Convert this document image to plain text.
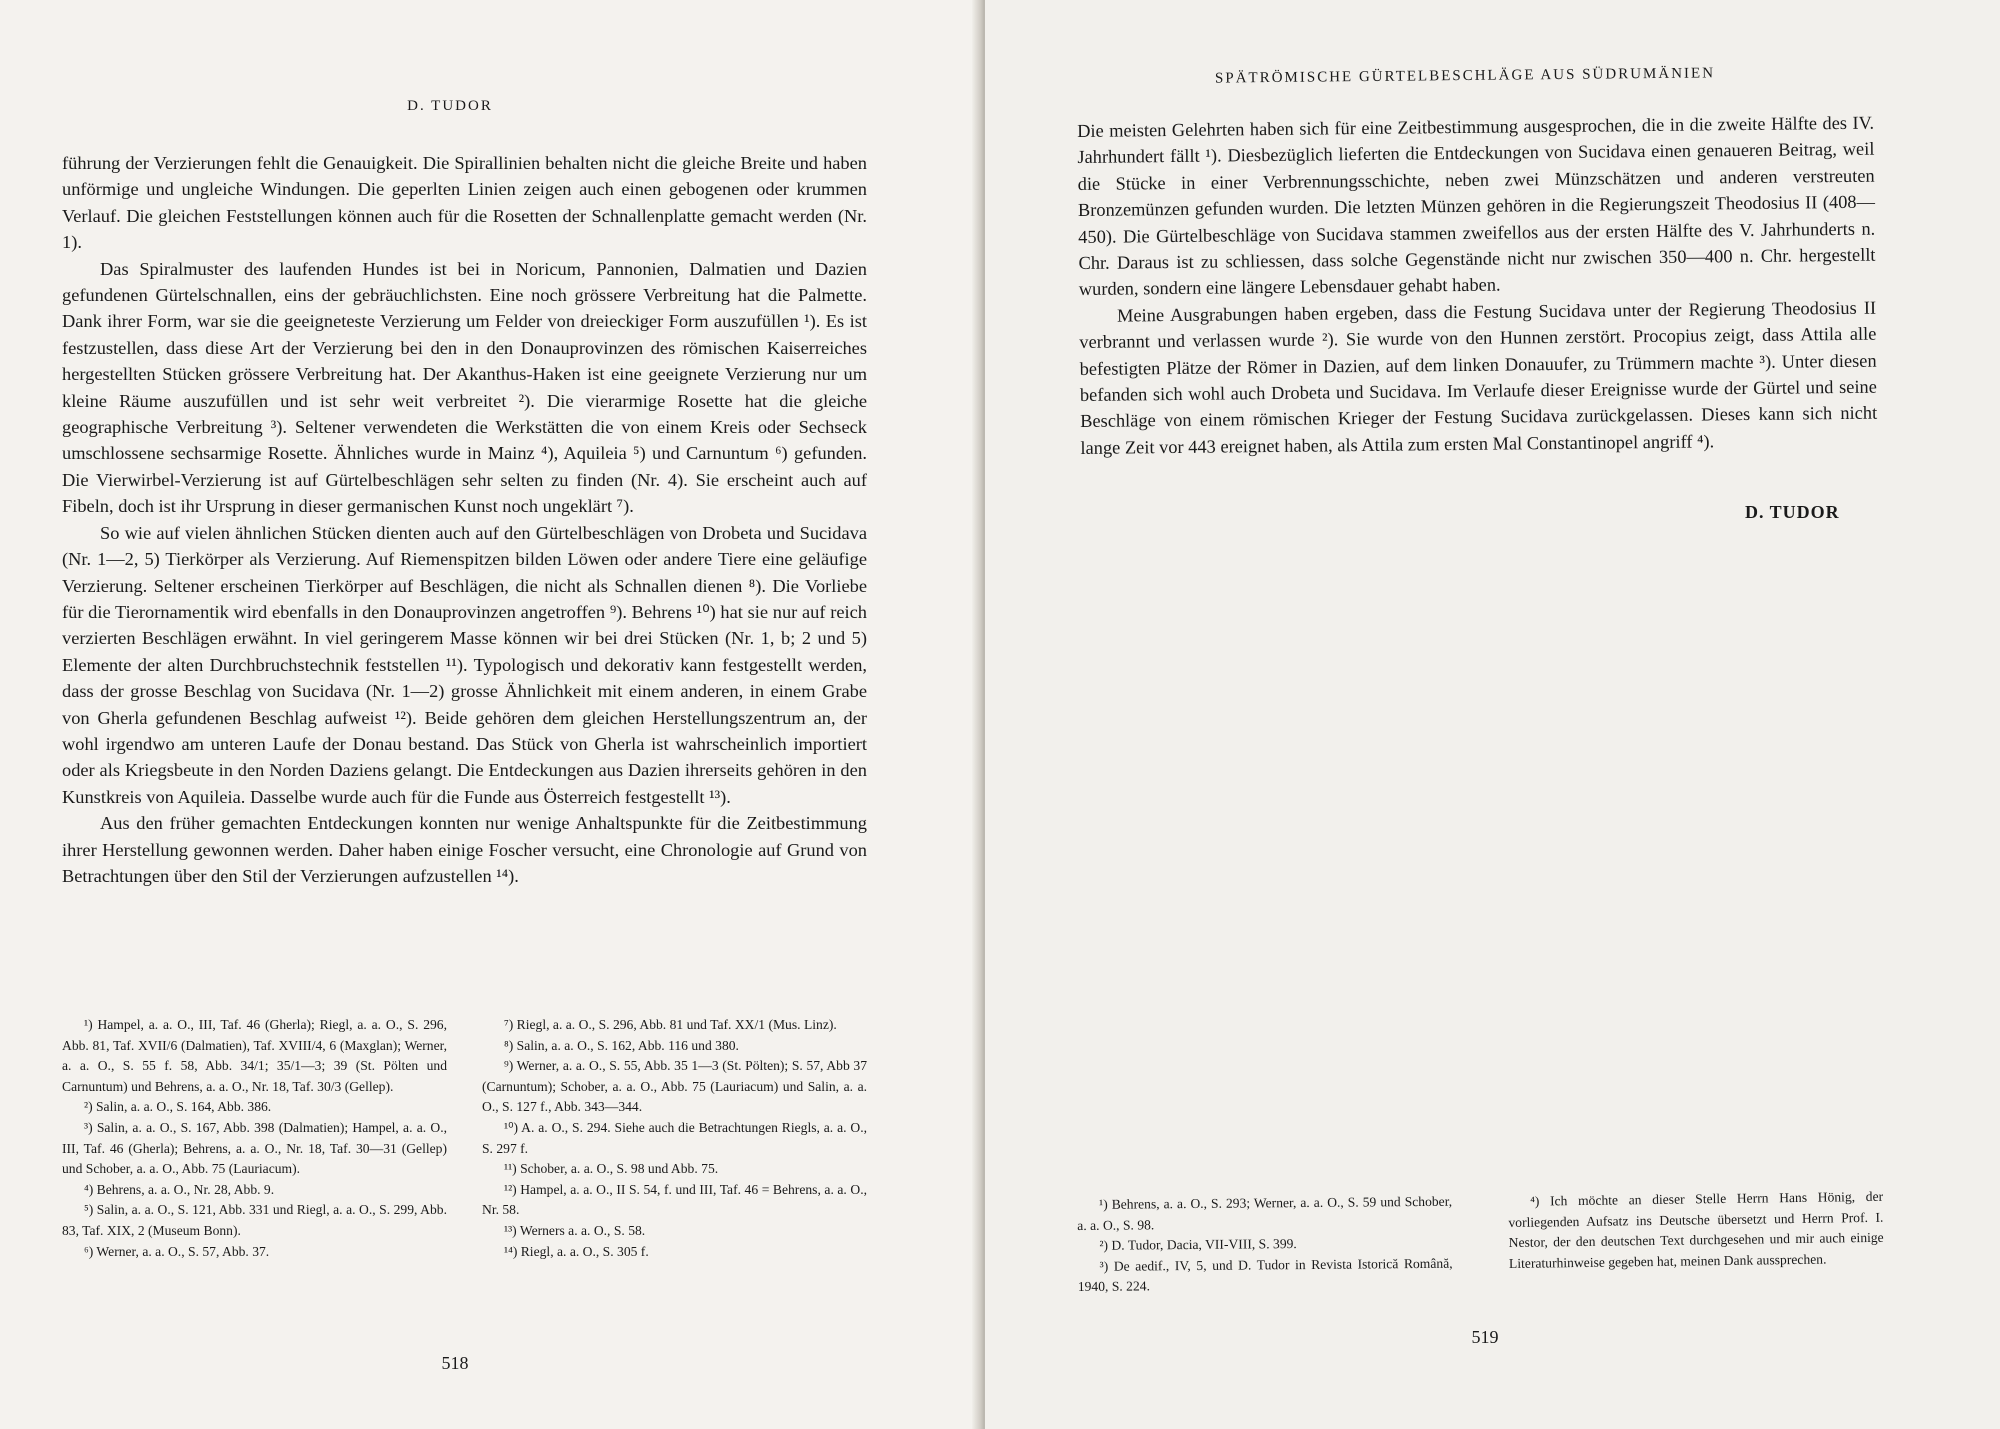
D. TUDOR

führung der Verzierungen fehlt die Genauigkeit. Die Spirallinien behalten nicht die gleiche Breite und haben unförmige und ungleiche Windungen. Die geperlten Linien zeigen auch einen gebogenen oder krummen Verlauf. Die gleichen Feststellungen können auch für die Rosetten der Schnallenplatte gemacht werden (Nr. 1).

Das Spiralmuster des laufenden Hundes ist bei in Noricum, Pannonien, Dalmatien und Dazien gefundenen Gürtelschnallen, eins der gebräuchlichsten. Eine noch grössere Verbreitung hat die Palmette. Dank ihrer Form, war sie die geeigneteste Verzierung um Felder von dreieckiger Form auszufüllen ¹). Es ist festzustellen, dass diese Art der Verzierung bei den in den Donauprovinzen des römischen Kaiserreiches hergestellten Stücken grössere Verbreitung hat. Der Akanthus-Haken ist eine geeignete Verzierung nur um kleine Räume auszufüllen und ist sehr weit verbreitet ²). Die vierarmige Rosette hat die gleiche geographische Verbreitung ³). Seltener verwendeten die Werkstätten die von einem Kreis oder Sechseck umschlossene sechsarmige Rosette. Ähnliches wurde in Mainz ⁴), Aquileia ⁵) und Carnuntum ⁶) gefunden. Die Vierwirbel-Verzierung ist auf Gürtelbeschlägen sehr selten zu finden (Nr. 4). Sie erscheint auch auf Fibeln, doch ist ihr Ursprung in dieser germanischen Kunst noch ungeklärt ⁷).

So wie auf vielen ähnlichen Stücken dienten auch auf den Gürtelbeschlägen von Drobeta und Sucidava (Nr. 1—2, 5) Tierkörper als Verzierung. Auf Riemenspitzen bilden Löwen oder andere Tiere eine geläufige Verzierung. Seltener erscheinen Tierkörper auf Beschlägen, die nicht als Schnallen dienen ⁸). Die Vorliebe für die Tierornamentik wird ebenfalls in den Donauprovinzen angetroffen ⁹). Behrens ¹⁰) hat sie nur auf reich verzierten Beschlägen erwähnt. In viel geringerem Masse können wir bei drei Stücken (Nr. 1, b; 2 und 5) Elemente der alten Durchbruchstechnik feststellen ¹¹). Typologisch und dekorativ kann festgestellt werden, dass der grosse Beschlag von Sucidava (Nr. 1—2) grosse Ähnlichkeit mit einem anderen, in einem Grabe von Gherla gefundenen Beschlag aufweist ¹²). Beide gehören dem gleichen Herstellungszentrum an, der wohl irgendwo am unteren Laufe der Donau bestand. Das Stück von Gherla ist wahrscheinlich importiert oder als Kriegsbeute in den Norden Daziens gelangt. Die Entdeckungen aus Dazien ihrerseits gehören in den Kunstkreis von Aquileia. Dasselbe wurde auch für die Funde aus Österreich festgestellt ¹³).

Aus den früher gemachten Entdeckungen konnten nur wenige Anhaltspunkte für die Zeitbestimmung ihrer Herstellung gewonnen werden. Daher haben einige Foscher versucht, eine Chronologie auf Grund von Betrachtungen über den Stil der Verzierungen aufzustellen ¹⁴).

¹) Hampel, a. a. O., III, Taf. 46 (Gherla); Riegl, a. a. O., S. 296, Abb. 81, Taf. XVII/6 (Dalmatien), Taf. XVIII/4, 6 (Maxglan); Werner, a. a. O., S. 55 f. 58, Abb. 34/1; 35/1—3; 39 (St. Pölten und Carnuntum) und Behrens, a. a. O., Nr. 18, Taf. 30/3 (Gellep).

²) Salin, a. a. O., S. 164, Abb. 386.

³) Salin, a. a. O., S. 167, Abb. 398 (Dalmatien); Hampel, a. a. O., III, Taf. 46 (Gherla); Behrens, a. a. O., Nr. 18, Taf. 30—31 (Gellep) und Schober, a. a. O., Abb. 75 (Lauriacum).

⁴) Behrens, a. a. O., Nr. 28, Abb. 9.

⁵) Salin, a. a. O., S. 121, Abb. 331 und Riegl, a. a. O., S. 299, Abb. 83, Taf. XIX, 2 (Museum Bonn).

⁶) Werner, a. a. O., S. 57, Abb. 37.

⁷) Riegl, a. a. O., S. 296, Abb. 81 und Taf. XX/1 (Mus. Linz).

⁸) Salin, a. a. O., S. 162, Abb. 116 und 380.

⁹) Werner, a. a. O., S. 55, Abb. 35 1—3 (St. Pölten); S. 57, Abb 37 (Carnuntum); Schober, a. a. O., Abb. 75 (Lauriacum) und Salin, a. a. O., S. 127 f., Abb. 343—344.

¹⁰) A. a. O., S. 294. Siehe auch die Betrachtungen Riegls, a. a. O., S. 297 f.

¹¹) Schober, a. a. O., S. 98 und Abb. 75.

¹²) Hampel, a. a. O., II S. 54, f. und III, Taf. 46 = Behrens, a. a. O., Nr. 58.

¹³) Werners a. a. O., S. 58.

¹⁴) Riegl, a. a. O., S. 305 f.

518
SPÄTRÖMISCHE GÜRTELBESCHLÄGE AUS SÜDRUMÄNIEN

Die meisten Gelehrten haben sich für eine Zeitbestimmung ausgesprochen, die in die zweite Hälfte des IV. Jahrhundert fällt ¹). Diesbezüglich lieferten die Entdeckungen von Sucidava einen genaueren Beitrag, weil die Stücke in einer Verbrennungsschichte, neben zwei Münzschätzen und anderen verstreuten Bronzemünzen gefunden wurden. Die letzten Münzen gehören in die Regierungszeit Theodosius II (408—450). Die Gürtelbeschläge von Sucidava stammen zweifellos aus der ersten Hälfte des V. Jahrhunderts n. Chr. Daraus ist zu schliessen, dass solche Gegenstände nicht nur zwischen 350—400 n. Chr. hergestellt wurden, sondern eine längere Lebensdauer gehabt haben.

Meine Ausgrabungen haben ergeben, dass die Festung Sucidava unter der Regierung Theodosius II verbrannt und verlassen wurde ²). Sie wurde von den Hunnen zerstört. Procopius zeigt, dass Attila alle befestigten Plätze der Römer in Dazien, auf dem linken Donauufer, zu Trümmern machte ³). Unter diesen befanden sich wohl auch Drobeta und Sucidava. Im Verlaufe dieser Ereignisse wurde der Gürtel und seine Beschläge von einem römischen Krieger der Festung Sucidava zurückgelassen. Dieses kann sich nicht lange Zeit vor 443 ereignet haben, als Attila zum ersten Mal Constantinopel angriff ⁴).

D. TUDOR

¹) Behrens, a. a. O., S. 293; Werner, a. a. O., S. 59 und Schober, a. a. O., S. 98.

²) D. Tudor, Dacia, VII-VIII, S. 399.

³) De aedif., IV, 5, und D. Tudor in Revista Istorică Română, 1940, S. 224.

⁴) Ich möchte an dieser Stelle Herrn Hans Hönig, der vorliegenden Aufsatz ins Deutsche übersetzt und Herrn Prof. I. Nestor, der den deutschen Text durchgesehen und mir auch einige Literaturhinweise gegeben hat, meinen Dank aussprechen.

519
